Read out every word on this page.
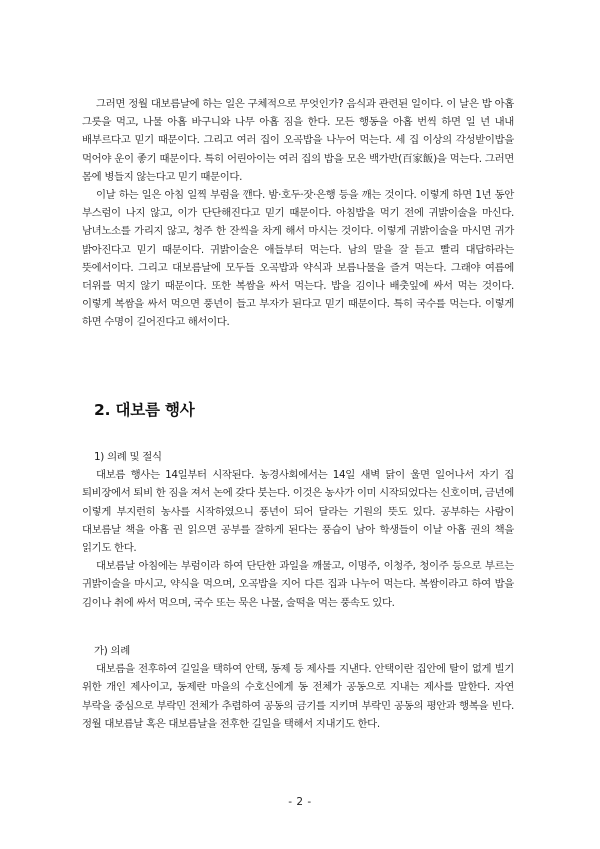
그러면 정월 대보름날에 하는 일은 구체적으로 무엇인가? 음식과 관련된 일이다. 이 날은 밥 아홉 그릇을 먹고, 나물 아홉 바구니와 나무 아홉 짐을 한다. 모든 행동을 아홉 번씩 하면 일 년 내내 배부르다고 믿기 때문이다. 그리고 여러 집이 오곡밥을 나누어 먹는다. 세 집 이상의 각성받이밥을 먹어야 운이 좋기 때문이다. 특히 어린아이는 여러 집의 밥을 모은 백가반(百家飯)을 먹는다. 그러면 몸에 병들지 않는다고 믿기 때문이다.

이날 하는 일은 아침 일찍 부럼을 깬다. 밤·호두·잣·은행 등을 깨는 것이다. 이렇게 하면 1년 동안 부스럼이 나지 않고, 이가 단단해진다고 믿기 때문이다. 아침밥을 먹기 전에 귀밝이술을 마신다. 남녀노소를 가리지 않고, 청주 한 잔씩을 차게 해서 마시는 것이다. 이렇게 귀밝이술을 마시면 귀가 밝아진다고 믿기 때문이다. 귀밝이술은 애들부터 먹는다. 남의 말을 잘 듣고 빨리 대답하라는 뜻에서이다. 그리고 대보름날에 모두들 오곡밥과 약식과 보름나물을 즐겨 먹는다. 그래야 여름에 더위를 먹지 않기 때문이다. 또한 복쌈을 싸서 먹는다. 밥을 김이나 배춧잎에 싸서 먹는 것이다. 이렇게 복쌈을 싸서 먹으면 풍년이 들고 부자가 된다고 믿기 때문이다. 특히 국수를 먹는다. 이렇게 하면 수명이 길어진다고 해서이다.

2. 대보름 행사

1) 의례 및 절식

대보름 행사는 14일부터 시작된다. 농경사회에서는 14일 새벽 닭이 울면 일어나서 자기 집 퇴비장에서 퇴비 한 짐을 져서 논에 갖다 붓는다. 이것은 농사가 이미 시작되었다는 신호이며, 금년에 이렇게 부지런히 농사를 시작하였으니 풍년이 되어 달라는 기원의 뜻도 있다. 공부하는 사람이 대보름날 책을 아홉 권 읽으면 공부를 잘하게 된다는 풍습이 남아 학생들이 이날 아홉 권의 책을 읽기도 한다.

대보름날 아침에는 부럼이라 하여 단단한 과일을 깨물고, 이명주, 이청주, 청이주 등으로 부르는 귀밝이술을 마시고, 약식을 먹으며, 오곡밥을 지어 다른 집과 나누어 먹는다. 복쌈이라고 하여 밥을 김이나 취에 싸서 먹으며, 국수 또는 묵은 나물, 술떡을 먹는 풍속도 있다.

가) 의례

대보름을 전후하여 길일을 택하여 안택, 동제 등 제사를 지낸다. 안택이란 집안에 탈이 없게 빌기 위한 개인 제사이고, 동제란 마을의 수호신에게 동 전체가 공동으로 지내는 제사를 말한다. 자연 부락을 중심으로 부락민 전체가 추렴하여 공동의 금기를 지키며 부락민 공동의 평안과 행복을 빈다. 정월 대보름날 혹은 대보름날을 전후한 길일을 택해서 지내기도 한다.

- 2 -
